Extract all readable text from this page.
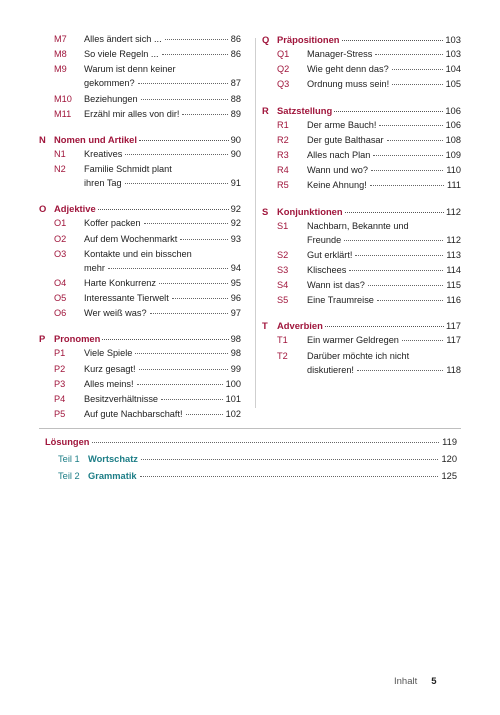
M7	Alles ändert sich ...	86
M8	So viele Regeln ...	86
M9	Warum ist denn keiner
gekommen?	87
M10	Beziehungen	88
M11	Erzähl mir alles von dir!	89
N Nomen und Artikel	90
N1	Kreatives	90
N2	Familie Schmidt plant
ihren Tag	91
O Adjektive	92
O1	Koffer packen	92
O2	Auf dem Wochenmarkt	93
O3	Kontakte und ein bisschen
mehr	94
O4	Harte Konkurrenz	95
O5	Interessante Tierwelt	96
O6	Wer weiß was?	97
P Pronomen	98
P1	Viele Spiele	98
P2	Kurz gesagt!	99
P3	Alles meins!	100
P4	Besitzverhältnisse	101
P5	Auf gute Nachbarschaft!	102
Q Präpositionen	103
Q1	Manager-Stress	103
Q2	Wie geht denn das?	104
Q3	Ordnung muss sein!	105
R Satzstellung	106
R1	Der arme Bauch!	106
R2	Der gute Balthasar	108
R3	Alles nach Plan	109
R4	Wann und wo?	110
R5	Keine Ahnung!	111
S Konjunktionen	112
S1	Nachbarn, Bekannte und
Freunde	112
S2	Gut erklärt!	113
S3	Klischees	114
S4	Wann ist das?	115
S5	Eine Traumreise	116
T Adverbien	117
T1	Ein warmer Geldregen	117
T2	Darüber möchte ich nicht
diskutieren!	118
Lösungen	119
Teil 1 Wortschatz	120
Teil 2 Grammatik	125
Inhalt 5
